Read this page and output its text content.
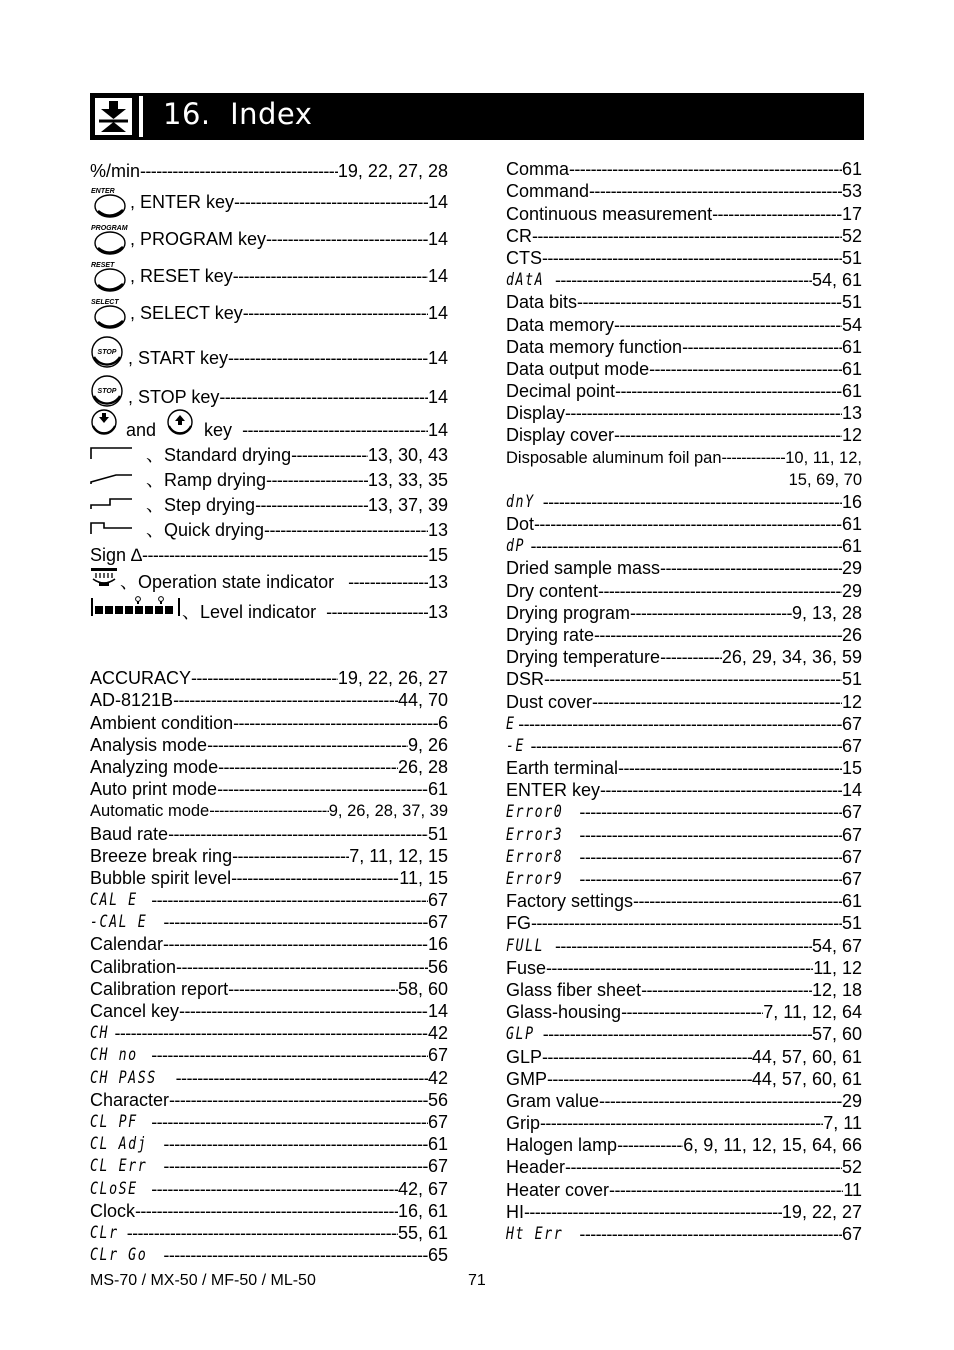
16. Index
%/min -----	19, 22, 27, 28
ENTER
, ENTER key -----	14
PROGRAM
, PROGRAM key -----	14
RESET
, RESET key -----	14
SELECT
, SELECT key -----	14
STOP , START key -----	14
STOP , STOP key -----	14
and	key -----	14
、Standard drying -----	13, 30, 43
、Ramp drying -----	13, 33, 35
、Step drying -----	13, 37, 39
、Quick drying -----	13
Sign ∆ -----	15
、Operation state indicator -----	13
、Level indicator -----	13
ACCURACY -----	19, 22, 26, 27
AD-8121B -----	44, 70
Ambient condition -----	6
Analysis mode -----	9, 26
Analyzing mode -----	26, 28
Auto print mode -----	61
Automatic mode -----	9, 26, 28, 37, 39
Baud rate -----	51
Breeze break ring -----	7, 11, 12, 15
Bubble spirit level -----	11, 15
CAL E -----	67
-CAL E -----	67
Calendar -----	16
Calibration -----	56
Calibration report -----	58, 60
Cancel key -----	14
CH -----	42
CH no -----	67
CH PASS -----	42
Character -----	56
CL PF -----	67
CL Adj -----	61
CL Err -----	67
CLoSE -----	42, 67
Clock -----	16, 61
CLr -----	55, 61
CLr Go -----	65
Comma -----	61
Command -----	53
Continuous measurement -----	17
CR -----	52
CTS -----	51
dAtA -----	54, 61
Data bits -----	51
Data memory -----	54
Data memory function -----	61
Data output mode -----	61
Decimal point -----	61
Display -----	13
Display cover -----	12
Disposable aluminum foil pan -----	10, 11, 12,
15, 69, 70
dnY -----	16
Dot -----	61
dP -----	61
Dried sample mass -----	29
Dry content -----	29
Drying program -----	9, 13, 28
Drying rate -----	26
Drying temperature -----	26, 29, 34, 36, 59
DSR -----	51
Dust cover -----	12
E -----	67
-E -----	67
Earth terminal -----	15
ENTER key -----	14
Error0 -----	67
Error3 -----	67
Error8 -----	67
Error9 -----	67
Factory settings -----	61
FG -----	51
FULL -----	54, 67
Fuse -----	11, 12
Glass fiber sheet -----	12, 18
Glass-housing -----	7, 11, 12, 64
GLP -----	57, 60
GLP -----	44, 57, 60, 61
GMP -----	44, 57, 60, 61
Gram value -----	29
Grip -----	7, 11
Halogen lamp -----	6, 9, 11, 12, 15, 64, 66
Header -----	52
Heater cover -----	11
HI -----	19, 22, 27
Ht Err -----	67
MS-70 / MX-50 / MF-50 / ML-50	71
